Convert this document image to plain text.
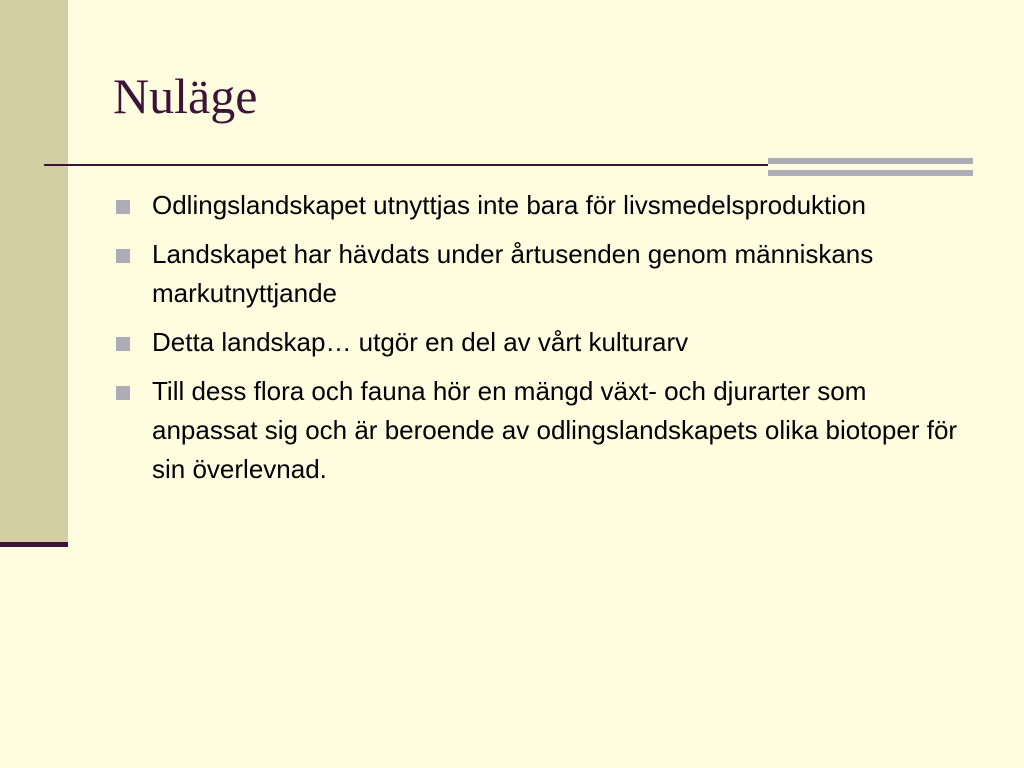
Nuläge
Odlingslandskapet utnyttjas inte bara för livsmedelsproduktion
Landskapet har hävdats under årtusenden genom människans markutnyttjande
Detta landskap… utgör en del av vårt kulturarv
Till dess flora och fauna hör en mängd växt- och djurarter som anpassat sig och är beroende av odlingslandskapets olika biotoper för sin överlevnad.
